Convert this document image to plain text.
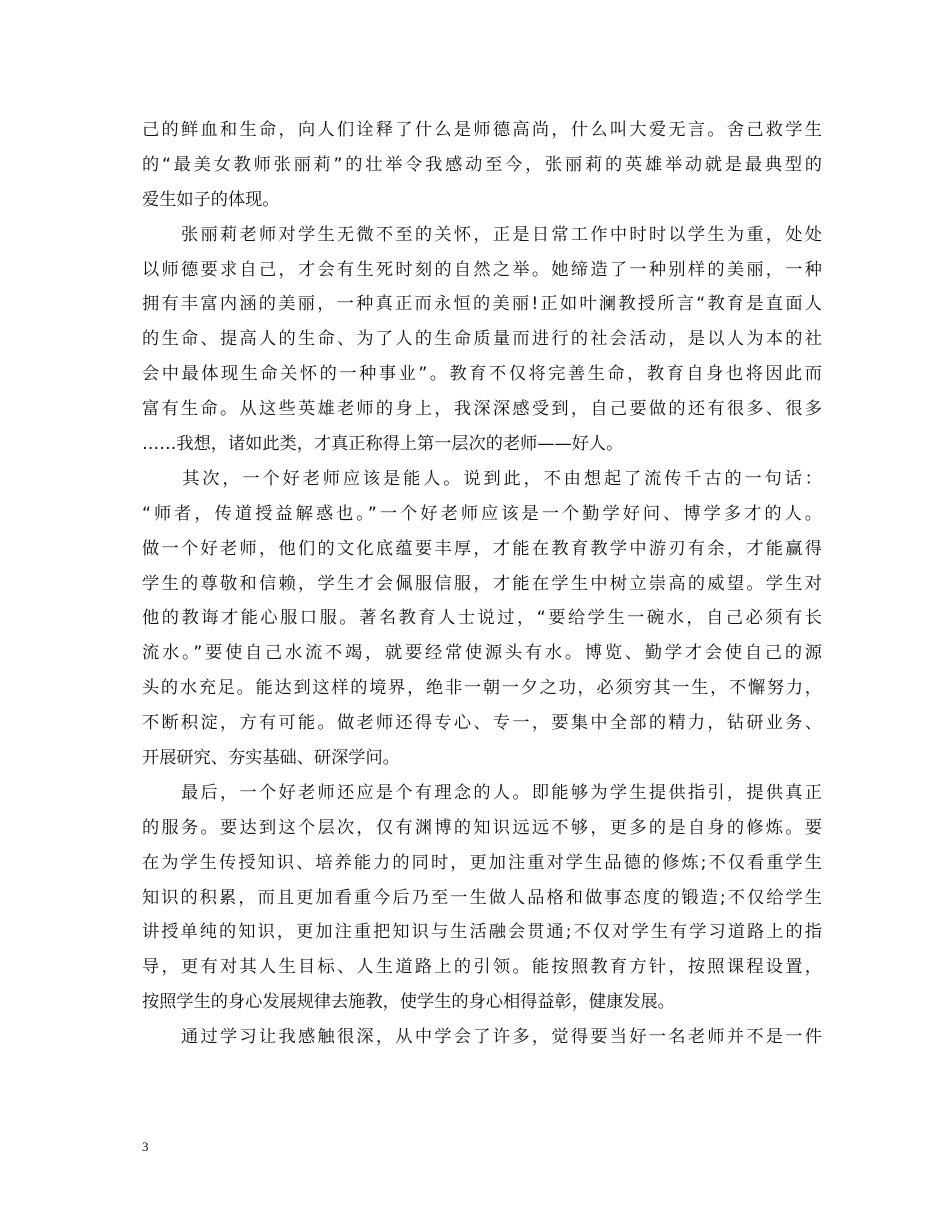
己的鲜血和生命，向人们诠释了什么是师德高尚，什么叫大爱无言。舍己救学生
的“最美女教师张丽莉”的壮举令我感动至今，张丽莉的英雄举动就是最典型的
爱生如子的体现。
　　张丽莉老师对学生无微不至的关怀，正是日常工作中时时以学生为重，处处
以师德要求自己，才会有生死时刻的自然之举。她缔造了一种别样的美丽，一种
拥有丰富内涵的美丽，一种真正而永恒的美丽!正如叶澜教授所言“教育是直面人
的生命、提高人的生命、为了人的生命质量而进行的社会活动，是以人为本的社
会中最体现生命关怀的一种事业”。教育不仅将完善生命，教育自身也将因此而
富有生命。从这些英雄老师的身上，我深深感受到，自己要做的还有很多、很多
……我想，诸如此类，才真正称得上第一层次的老师——好人。
　　其次，一个好老师应该是能人。说到此，不由想起了流传千古的一句话：
“师者，传道授益解惑也。”一个好老师应该是一个勤学好问、博学多才的人。
做一个好老师，他们的文化底蕴要丰厚，才能在教育教学中游刃有余，才能赢得
学生的尊敬和信赖，学生才会佩服信服，才能在学生中树立崇高的威望。学生对
他的教诲才能心服口服。著名教育人士说过，“要给学生一碗水，自己必须有长
流水。”要使自己水流不竭，就要经常使源头有水。博览、勤学才会使自己的源
头的水充足。能达到这样的境界，绝非一朝一夕之功，必须穷其一生，不懈努力，
不断积淀，方有可能。做老师还得专心、专一，要集中全部的精力，钻研业务、
开展研究、夯实基础、研深学问。
　　最后，一个好老师还应是个有理念的人。即能够为学生提供指引，提供真正
的服务。要达到这个层次，仅有渊博的知识远远不够，更多的是自身的修炼。要
在为学生传授知识、培养能力的同时，更加注重对学生品德的修炼;不仅看重学生
知识的积累，而且更加看重今后乃至一生做人品格和做事态度的锻造;不仅给学生
讲授单纯的知识，更加注重把知识与生活融会贯通;不仅对学生有学习道路上的指
导，更有对其人生目标、人生道路上的引领。能按照教育方针，按照课程设置，
按照学生的身心发展规律去施教，使学生的身心相得益彰，健康发展。
　　通过学习让我感触很深，从中学会了许多，觉得要当好一名老师并不是一件
3
